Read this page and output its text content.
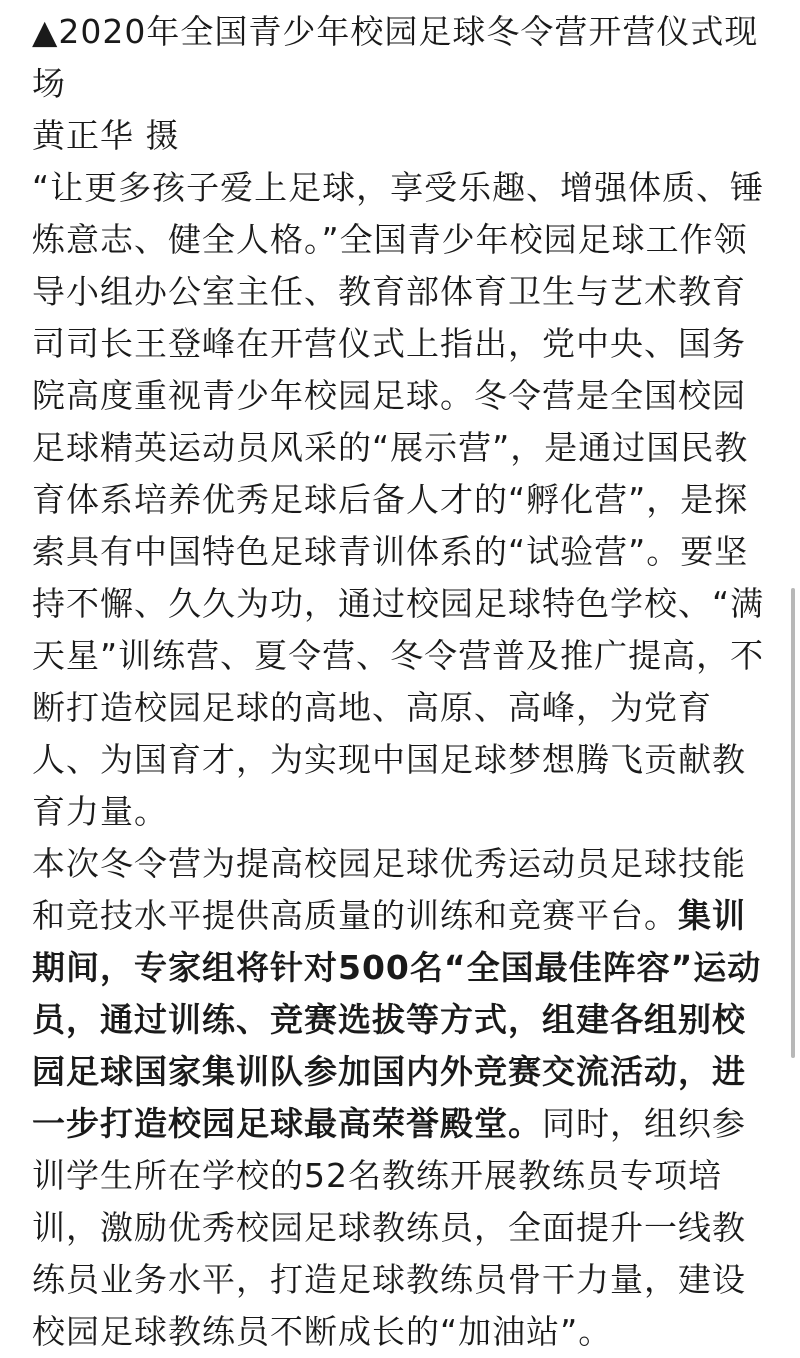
▲2020年全国青少年校园足球冬令营开营仪式现场
黄正华 摄

“让更多孩子爱上足球，享受乐趣、增强体质、锤炼意志、健全人格。”全国青少年校园足球工作领导小组办公室主任、教育部体育卫生与艺术教育司司长王登峰在开营仪式上指出，党中央、国务院高度重视青少年校园足球。冬令营是全国校园足球精英运动员风采的“展示营”，是通过国民教育体系培养优秀足球后备人才的“孵化营”，是探索具有中国特色足球青训体系的“试验营”。要坚持不懈、久久为功，通过校园足球特色学校、“满天星”训练营、夏令营、冬令营普及推广提高，不断打造校园足球的高地、高原、高峰，为党育人、为国育才，为实现中国足球梦想腾飞贡献教育力量。

本次冬令营为提高校园足球优秀运动员足球技能和竞技水平提供高质量的训练和竞赛平台。集训期间，专家组将针对500名“全国最佳阵容”运动员，通过训练、竞赛选拔等方式，组建各组别校园足球国家集训队参加国内外竞赛交流活动，进一步打造校园足球最高荣誉殿堂。同时，组织参训学生所在学校的52名教练开展教练员专项培训，激励优秀校园足球教练员，全面提升一线教练员业务水平，打造足球教练员骨干力量，建设校园足球教练员不断成长的“加油站”。
